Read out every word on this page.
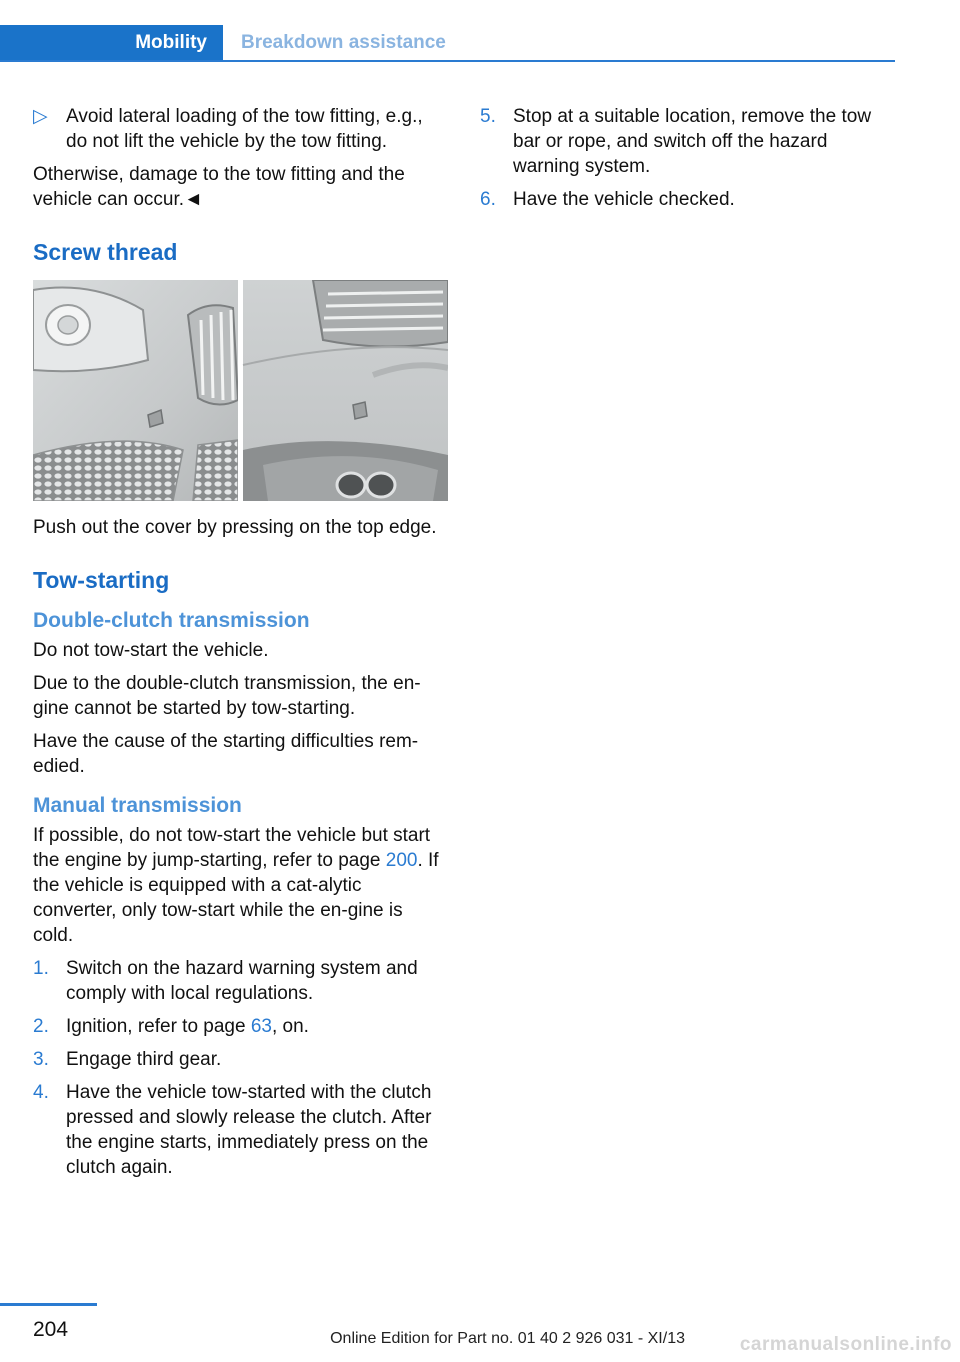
Mobility	Breakdown assistance
▷ Avoid lateral loading of the tow fitting, e.g., do not lift the vehicle by the tow fitting.

Otherwise, damage to the tow fitting and the vehicle can occur.◄

Screw thread

Push out the cover by pressing on the top edge.

Tow-starting
Double-clutch transmission

Do not tow-start the vehicle.

Due to the double-clutch transmission, the en‐gine cannot be started by tow-starting.

Have the cause of the starting difficulties rem‐edied.

Manual transmission

If possible, do not tow-start the vehicle but start the engine by jump-starting, refer to page 200. If the vehicle is equipped with a cat‐alytic converter, only tow-start while the en‐gine is cold.

1. Switch on the hazard warning system and comply with local regulations.
2. Ignition, refer to page 63, on.
3. Engage third gear.
4. Have the vehicle tow-started with the clutch pressed and slowly release the clutch. After the engine starts, immediately press on the clutch again.
5. Stop at a suitable location, remove the tow bar or rope, and switch off the hazard warning system.
6. Have the vehicle checked.
204	Online Edition for Part no. 01 40 2 926 031 - XI/13	carmanualsonline.info
